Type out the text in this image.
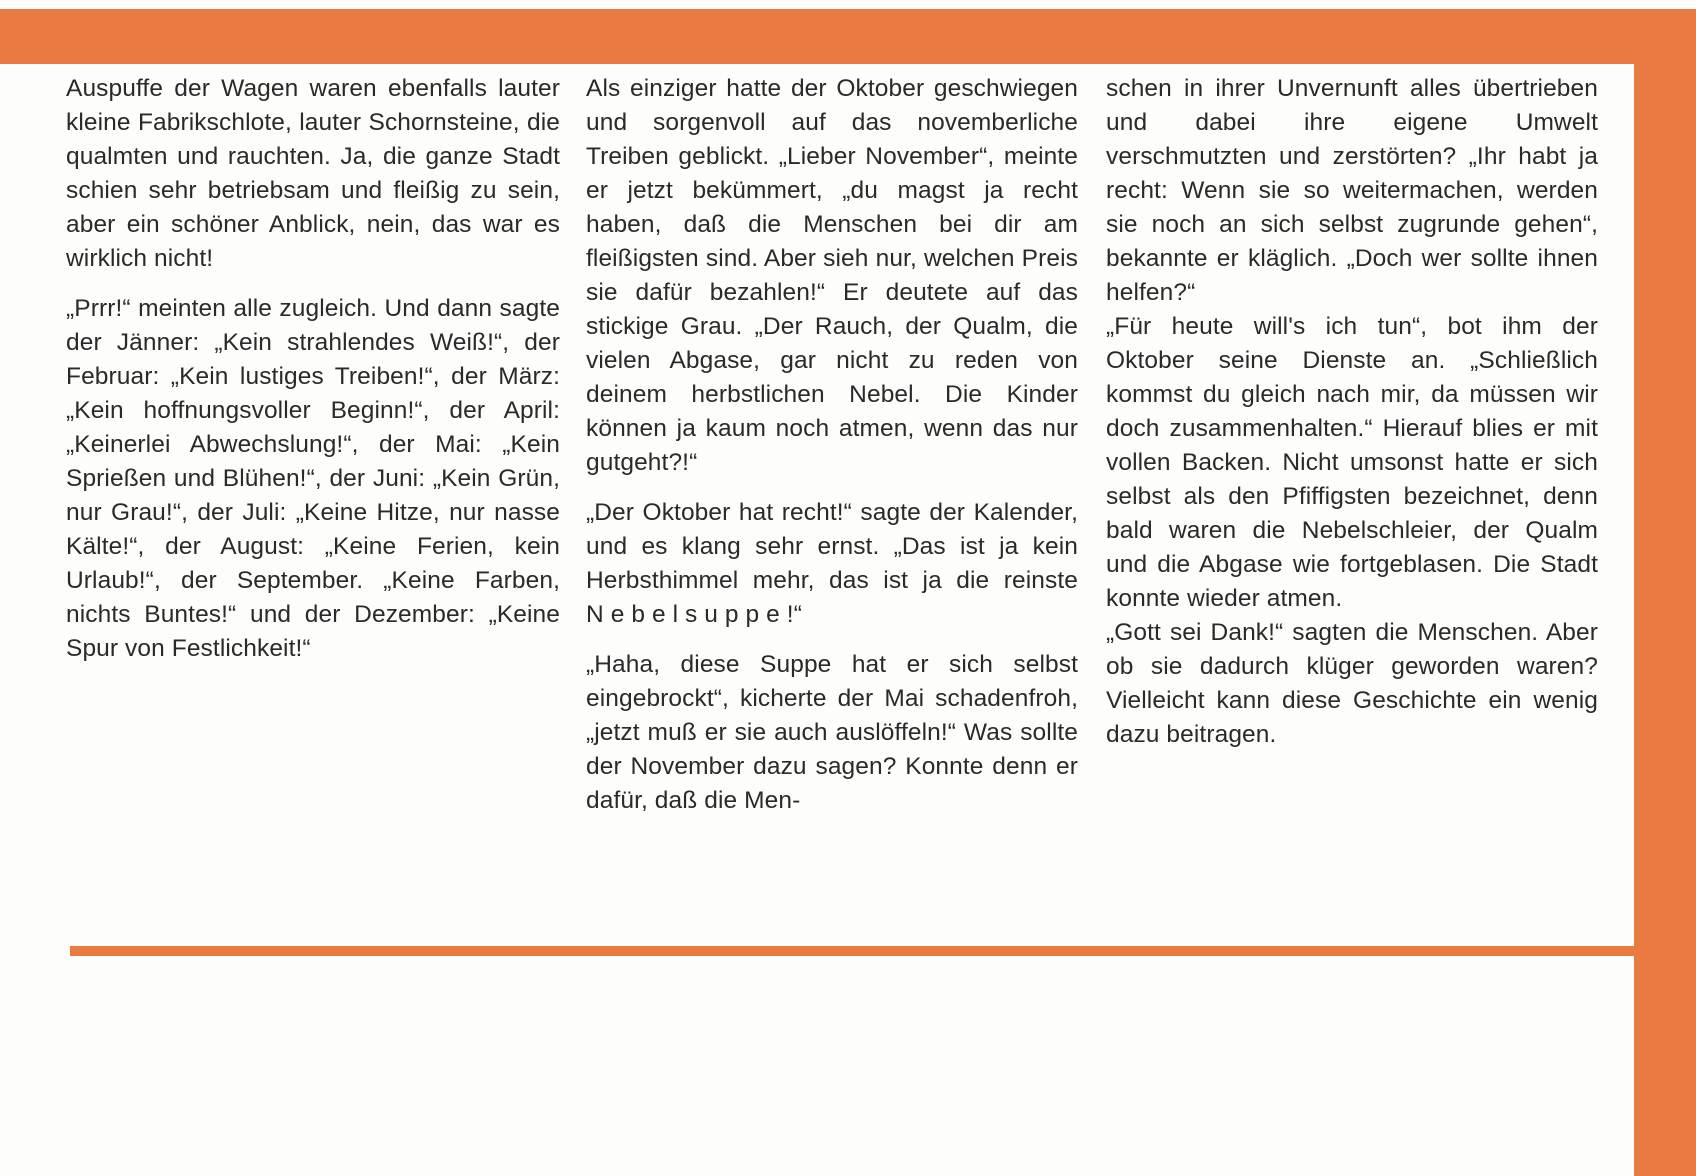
Auspuffe der Wagen waren ebenfalls lauter kleine Fabrikschlote, lauter Schornsteine, die qualmten und rauchten. Ja, die ganze Stadt schien sehr betriebsam und fleißig zu sein, aber ein schöner Anblick, nein, das war es wirklich nicht!

„Prrr!“ meinten alle zugleich. Und dann sagte der Jänner: „Kein strahlendes Weiß!“, der Februar: „Kein lustiges Treiben!“, der März: „Kein hoffnungsvoller Beginn!“, der April: „Keinerlei Abwechslung!“, der Mai: „Kein Sprießen und Blühen!“, der Juni: „Kein Grün, nur Grau!“, der Juli: „Keine Hitze, nur nasse Kälte!“, der August: „Keine Ferien, kein Urlaub!“, der September. „Keine Farben, nichts Buntes!“ und der Dezember: „Keine Spur von Festlichkeit!“

Als einziger hatte der Oktober geschwiegen und sorgenvoll auf das novemberliche Treiben geblickt. „Lieber November“, meinte er jetzt bekümmert, „du magst ja recht haben, daß die Menschen bei dir am fleißigsten sind. Aber sieh nur, welchen Preis sie dafür bezahlen!“ Er deutete auf das stickige Grau. „Der Rauch, der Qualm, die vielen Abgase, gar nicht zu reden von deinem herbstlichen Nebel. Die Kinder können ja kaum noch atmen, wenn das nur gutgeht?!“

„Der Oktober hat recht!“ sagte der Kalender, und es klang sehr ernst. „Das ist ja kein Herbsthimmel mehr, das ist ja die reinste Nebelsuppe!“

„Haha, diese Suppe hat er sich selbst eingebrockt“, kicherte der Mai schadenfroh, „jetzt muß er sie auch auslöffeln!“ Was sollte der November dazu sagen? Konnte denn er dafür, daß die Men-

schen in ihrer Unvernunft alles übertrieben und dabei ihre eigene Umwelt verschmutzten und zerstörten? „Ihr habt ja recht: Wenn sie so weitermachen, werden sie noch an sich selbst zugrunde gehen“, bekannte er kläglich. „Doch wer sollte ihnen helfen?“

„Für heute will's ich tun“, bot ihm der Oktober seine Dienste an. „Schließlich kommst du gleich nach mir, da müssen wir doch zusammenhalten.“ Hierauf blies er mit vollen Backen. Nicht umsonst hatte er sich selbst als den Pfiffigsten bezeichnet, denn bald waren die Nebelschleier, der Qualm und die Abgase wie fortgeblasen. Die Stadt konnte wieder atmen.

„Gott sei Dank!“ sagten die Menschen. Aber ob sie dadurch klüger geworden waren? Vielleicht kann diese Geschichte ein wenig dazu beitragen.
